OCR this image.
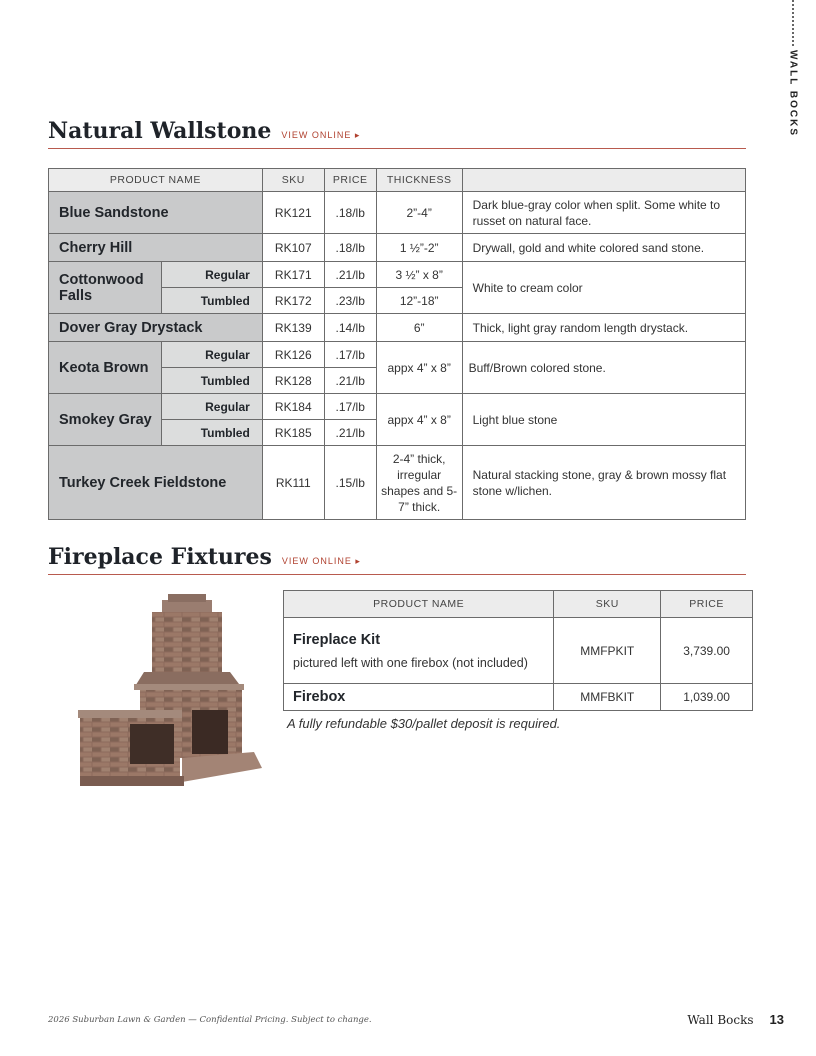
WALL BOCKS
Natural Wallstone VIEW ONLINE ▸
PRODUCT NAME		SKU	PRICE	THICKNESS	
Blue Sandstone		RK121	.18/lb	2”-4”	Dark blue-gray color when split. Some white to russet on natural face.
Cherry Hill		RK107	.18/lb	1 ½”-2”	Drywall, gold and white colored sand stone.
Cottonwood Falls	Regular	RK171	.21/lb	3 ½” x 8”	White to cream color
	Tumbled	RK172	.23/lb	12”-18”	
Dover Gray Drystack		RK139	.14/lb	6”	Thick, light gray random length drystack.
Keota Brown	Regular	RK126	.17/lb	appx 4” x 8”	Buff/Brown colored stone.
	Tumbled	RK128	.21/lb		
Smokey Gray	Regular	RK184	.17/lb	appx 4” x 8”	Light blue stone
	Tumbled	RK185	.21/lb		
Turkey Creek Fieldstone		RK111	.15/lb	2-4” thick, irregular shapes and 5-7” thick.	Natural stacking stone, gray & brown mossy flat stone w/lichen.
Fireplace Fixtures VIEW ONLINE ▸
PRODUCT NAME	SKU	PRICE

Fireplace Kit
pictured left with one firebox (not included)	MMFPKIT	3,739.00
Firebox	MMFBKIT	1,039.00
A fully refundable $30/pallet deposit is required.
2026 Suburban Lawn & Garden — Confidential Pricing. Subject to change.	Wall Bocks 13
